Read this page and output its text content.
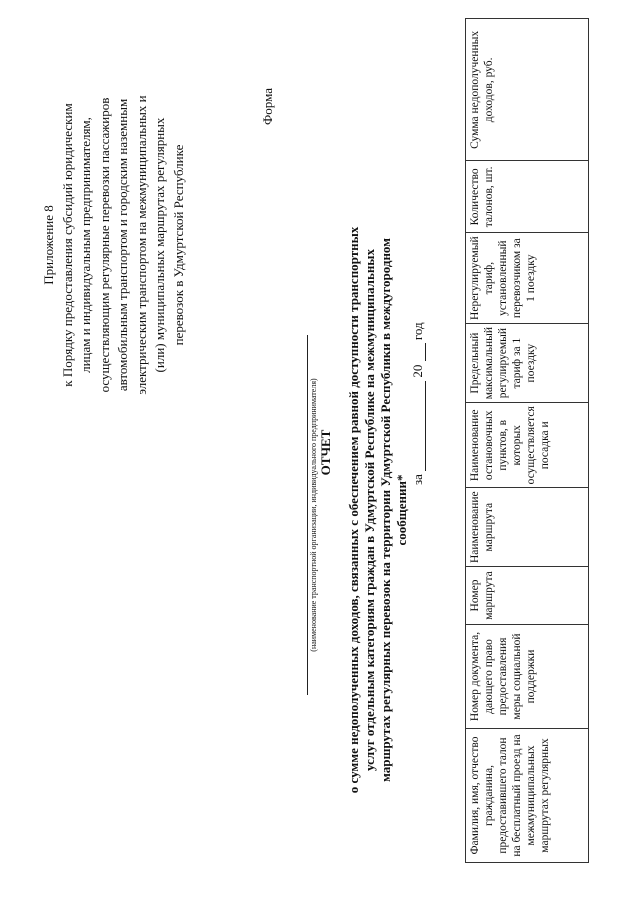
Приложение 8 к Порядку предоставления субсидий юридическим лицам и индивидуальным предпринимателям, осуществляющим регулярные перевозки пассажиров автомобильным транспортом и городским наземным электрическим транспортом на межмуниципальных и (или) муниципальных маршрутах регулярных перевозок в Удмуртской Республике
Форма
(наименование транспортной организации, индивидуального предпринимателя) ОТЧЕТ о сумме недополученных доходов, связанных с обеспечением равной доступности транспортных услуг отдельным категориям граждан в Удмуртской Республике на межмуниципальных маршрутах регулярных перевозок на территории Удмуртской Республики в междугородном сообщении* за  20  год
Фамилия, имя, отчество гражданина, предоставившего талон на бесплатный проезд на межмуниципальных маршрутах регулярных	Номер документа, дающего право предоставления меры социальной поддержки	Номер маршрута	Наименование маршрута	Наименование остановочных пунктов, в которых осуществляется посадка и	Предельный максимальный регулируемый тариф за 1 поездку	Нерегулируемый тариф, установленный перевозчиком за 1 поездку	Количество талонов, шт.	Сумма недополученных доходов, руб.
